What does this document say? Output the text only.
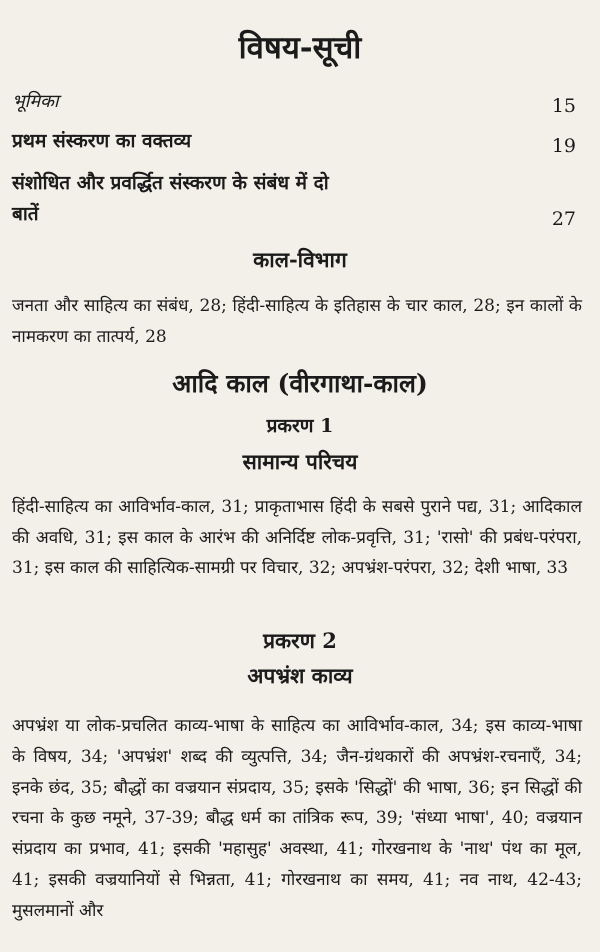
विषय-सूची
भूमिका	15
प्रथम संस्करण का वक्तव्य	19
संशोधित और प्रवर्द्धित संस्करण के संबंध में दो बातें	27
काल-विभाग
जनता और साहित्य का संबंध, 28; हिंदी-साहित्य के इतिहास के चार काल, 28; इन कालों के नामकरण का तात्पर्य, 28
आदि काल (वीरगाथा-काल)
प्रकरण 1
सामान्य परिचय
हिंदी-साहित्य का आविर्भाव-काल, 31; प्राकृताभास हिंदी के सबसे पुराने पद्य, 31; आदिकाल की अवधि, 31; इस काल के आरंभ की अनिर्दिष्ट लोक-प्रवृत्ति, 31; 'रासो' की प्रबंध-परंपरा, 31; इस काल की साहित्यिक-सामग्री पर विचार, 32; अपभ्रंश-परंपरा, 32; देशी भाषा, 33
प्रकरण 2
अपभ्रंश काव्य
अपभ्रंश या लोक-प्रचलित काव्य-भाषा के साहित्य का आविर्भाव-काल, 34; इस काव्य-भाषा के विषय, 34; 'अपभ्रंश' शब्द की व्युत्पत्ति, 34; जैन-ग्रंथकारों की अपभ्रंश-रचनाएँ, 34; इनके छंद, 35; बौद्धों का वज्रयान संप्रदाय, 35; इसके 'सिद्धों' की भाषा, 36; इन सिद्धों की रचना के कुछ नमूने, 37-39; बौद्ध धर्म का तांत्रिक रूप, 39; 'संध्या भाषा', 40; वज्रयान संप्रदाय का प्रभाव, 41; इसकी 'महासुह' अवस्था, 41; गोरखनाथ के 'नाथ' पंथ का मूल, 41; इसकी वज्रयानियों से भिन्नता, 41; गोरखनाथ का समय, 41; नव नाथ, 42-43; मुसलमानों और
